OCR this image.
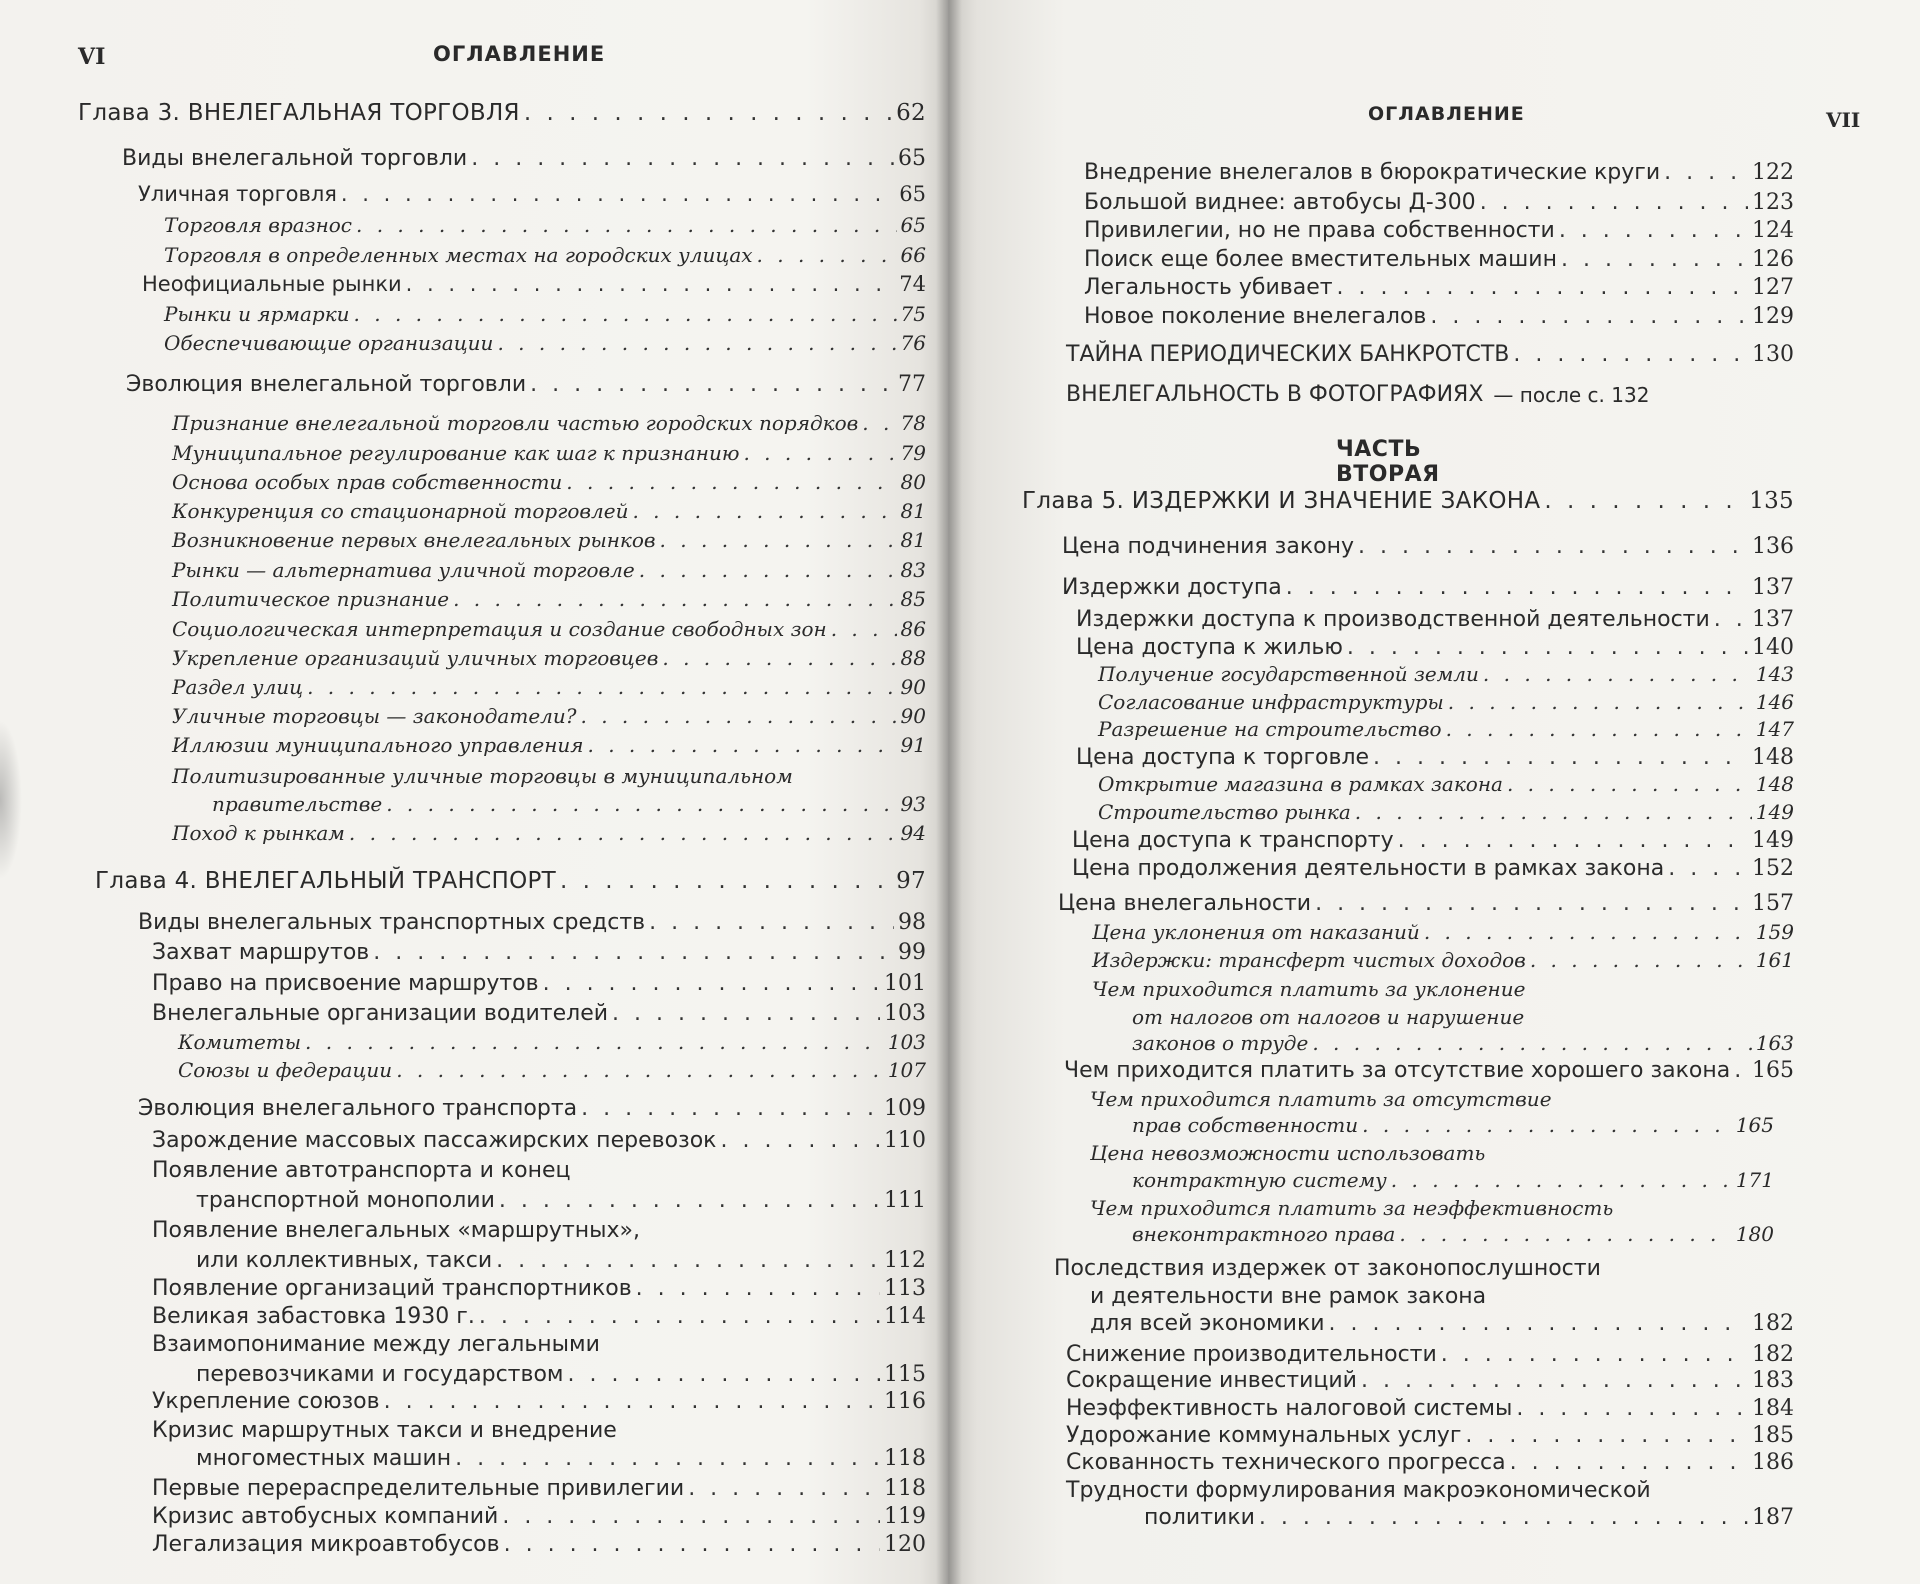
VI	ОГЛАВЛЕНИЕ
Глава 3. ВНЕЛЕГАЛЬНАЯ ТОРГОВЛЯ . . .	62
Виды внелегальной торговли . . .	65
Уличная торговля . . .	65
Торговля вразнос . . .	65
Торговля в определенных местах на городских улицах . . .	66
Неофициальные рынки . . .	74
Рынки и ярмарки . . .	75
Обеспечивающие организации . . .	76
Эволюция внелегальной торговли . . .	77
Признание внелегальной торговли частью городских порядков . . . 78
Муниципальное регулирование как шаг к признанию . . .	79
Основа особых прав собственности . . .	80
Конкуренция со стационарной торговлей . . .	81
Возникновение первых внелегальных рынков . . .	81
Рынки — альтернатива уличной торговле . . .	83
Политическое признание . . .	85
Социологическая интерпретация и создание свободных зон . . .	86
Укрепление организаций уличных торговцев . . .	88
Раздел улиц . . .	90
Уличные торговцы — законодатели? . . .	90
Иллюзии муниципального управления . . .	91
Политизированные уличные торговцы в муниципальном
правительстве . . .	93
Поход к рынкам . . .	94
Глава 4. ВНЕЛЕГАЛЬНЫЙ ТРАНСПОРТ . . .	97
Виды внелегальных транспортных средств . . .	98
Захват маршрутов . . .	99
Право на присвоение маршрутов . . .	101
Внелегальные организации водителей . . .	103
Комитеты . . .	103
Союзы и федерации . . .	107
Эволюция внелегального транспорта . . .	109
Зарождение массовых пассажирских перевозок . . .	110
Появление автотранспорта и конец
транспортной монополии . . .	111
Появление внелегальных «маршрутных»,
или коллективных, такси . . .	112
Появление организаций транспортников . . .	113
Великая забастовка 1930 г. . . .	114
Взаимопонимание между легальными
перевозчиками и государством . . .	115
Укрепление союзов . . .	116
Кризис маршрутных такси и внедрение
многоместных машин . . .	118
Первые перераспределительные привилегии . . .	118
Кризис автобусных компаний . . .	119
Легализация микроавтобусов . . .	120
ОГЛАВЛЕНИЕ	VII
Внедрение внелегалов в бюрократические круги . . .	122
Большой виднее: автобусы Д-300 . . .	123
Привилегии, но не права собственности . . .	124
Поиск еще более вместительных машин . . .	126
Легальность убивает . . .	127
Новое поколение внелегалов . . .	129
ТАЙНА ПЕРИОДИЧЕСКИХ БАНКРОТСТВ . . .	130
ВНЕЛЕГАЛЬНОСТЬ В ФОТОГРАФИЯХ — после с. 132
ЧАСТЬ ВТОРАЯ
Глава 5. ИЗДЕРЖКИ И ЗНАЧЕНИЕ ЗАКОНА . . .	135
Цена подчинения закону . . .	136
Издержки доступа . . .	137
Издержки доступа к производственной деятельности . . . 137
Цена доступа к жилью . . .	140
Получение государственной земли . . .	143
Согласование инфраструктуры . . .	146
Разрешение на строительство . . .	147
Цена доступа к торговле . . .	148
Открытие магазина в рамках закона . . .	148
Строительство рынка . . .	149
Цена доступа к транспорту . . .	149
Цена продолжения деятельности в рамках закона . . .	152
Цена внелегальности . . .	157
Цена уклонения от наказаний . . .	159
Издержки: трансферт чистых доходов . . .	161
Чем приходится платить за уклонение
от налогов от налогов и нарушение
законов о труде . . .	163
Чем приходится платить за отсутствие хорошего закона . . . 165
Чем приходится платить за отсутствие
прав собственности . . .	165
Цена невозможности использовать
контрактную систему . . .	171
Чем приходится платить за неэффективность
внеконтрактного права . . .	180
Последствия издержек от законопослушности
и деятельности вне рамок закона
для всей экономики . . .	182
Снижение производительности . . .	182
Сокращение инвестиций . . .	183
Неэффективность налоговой системы . . .	184
Удорожание коммунальных услуг . . .	185
Скованность технического прогресса . . .	186
Трудности формулирования макроэкономической
политики . . .	187
